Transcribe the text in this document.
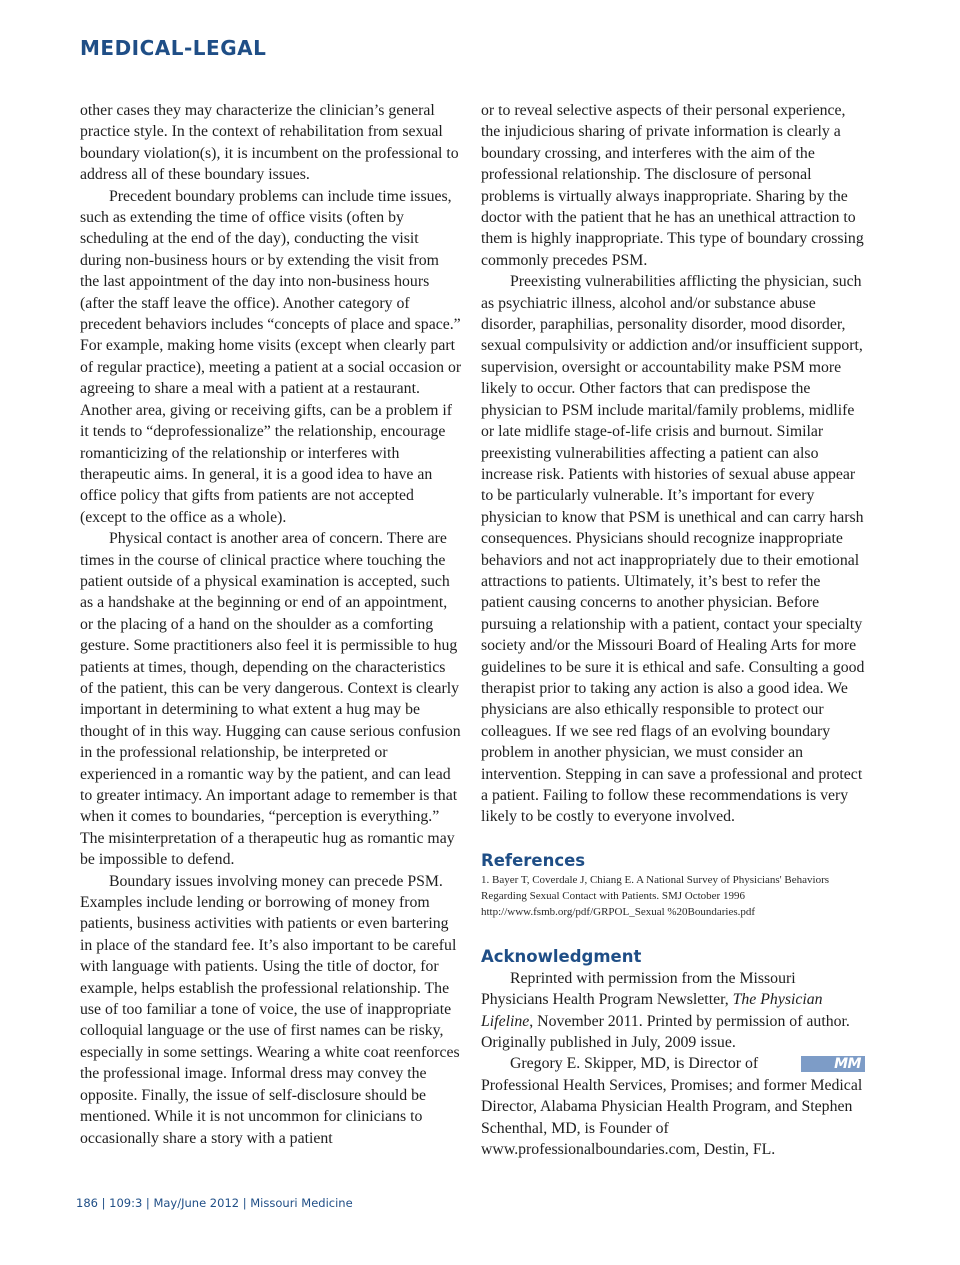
MEDICAL-LEGAL

other cases they may characterize the clinician’s general practice style. In the context of rehabilitation from sexual boundary violation(s), it is incumbent on the professional to address all of these boundary issues.

Precedent boundary problems can include time issues, such as extending the time of office visits (often by scheduling at the end of the day), conducting the visit during non-business hours or by extending the visit from the last appointment of the day into non-business hours (after the staff leave the office). Another category of precedent behaviors includes “concepts of place and space.” For example, making home visits (except when clearly part of regular practice), meeting a patient at a social occasion or agreeing to share a meal with a patient at a restaurant. Another area, giving or receiving gifts, can be a problem if it tends to “deprofessionalize” the relationship, encourage romanticizing of the relationship or interferes with therapeutic aims. In general, it is a good idea to have an office policy that gifts from patients are not accepted (except to the office as a whole).

Physical contact is another area of concern. There are times in the course of clinical practice where touching the patient outside of a physical examination is accepted, such as a handshake at the beginning or end of an appointment, or the placing of a hand on the shoulder as a comforting gesture. Some practitioners also feel it is permissible to hug patients at times, though, depending on the characteristics of the patient, this can be very dangerous. Context is clearly important in determining to what extent a hug may be thought of in this way. Hugging can cause serious confusion in the professional relationship, be interpreted or experienced in a romantic way by the patient, and can lead to greater intimacy. An important adage to remember is that when it comes to boundaries, “perception is everything.” The misinterpretation of a therapeutic hug as romantic may be impossible to defend.

Boundary issues involving money can precede PSM. Examples include lending or borrowing of money from patients, business activities with patients or even bartering in place of the standard fee. It’s also important to be careful with language with patients. Using the title of doctor, for example, helps establish the professional relationship. The use of too familiar a tone of voice, the use of inappropriate colloquial language or the use of first names can be risky, especially in some settings. Wearing a white coat reenforces the professional image. Informal dress may convey the opposite. Finally, the issue of self-disclosure should be mentioned. While it is not uncommon for clinicians to occasionally share a story with a patient

or to reveal selective aspects of their personal experience, the injudicious sharing of private information is clearly a boundary crossing, and interferes with the aim of the professional relationship. The disclosure of personal problems is virtually always inappropriate. Sharing by the doctor with the patient that he has an unethical attraction to them is highly inappropriate. This type of boundary crossing commonly precedes PSM.

Preexisting vulnerabilities afflicting the physician, such as psychiatric illness, alcohol and/or substance abuse disorder, paraphilias, personality disorder, mood disorder, sexual compulsivity or addiction and/or insufficient support, supervision, oversight or accountability make PSM more likely to occur. Other factors that can predispose the physician to PSM include marital/family problems, midlife or late midlife stage-of-life crisis and burnout. Similar preexisting vulnerabilities affecting a patient can also increase risk. Patients with histories of sexual abuse appear to be particularly vulnerable. It’s important for every physician to know that PSM is unethical and can carry harsh consequences. Physicians should recognize inappropriate behaviors and not act inappropriately due to their emotional attractions to patients. Ultimately, it’s best to refer the patient causing concerns to another physician. Before pursuing a relationship with a patient, contact your specialty society and/or the Missouri Board of Healing Arts for more guidelines to be sure it is ethical and safe. Consulting a good therapist prior to taking any action is also a good idea. We physicians are also ethically responsible to protect our colleagues. If we see red flags of an evolving boundary problem in another physician, we must consider an intervention. Stepping in can save a professional and protect a patient. Failing to follow these recommendations is very likely to be costly to everyone involved.

References

1. Bayer T, Coverdale J, Chiang E. A National Survey of Physicians' Behaviors Regarding Sexual Contact with Patients. SMJ October 1996 http://www.fsmb.org/pdf/GRPOL_Sexual %20Boundaries.pdf

Acknowledgment

Reprinted with permission from the Missouri Physicians Health Program Newsletter, The Physician Lifeline, November 2011. Printed by permission of author. Originally published in July, 2009 issue.

MM
Gregory E. Skipper, MD, is Director of Professional Health Services, Promises; and former Medical Director, Alabama Physician Health Program, and Stephen Schenthal, MD, is Founder of www.professionalboundaries.com, Destin, FL.

186 | 109:3 | May/June 2012 | Missouri Medicine
